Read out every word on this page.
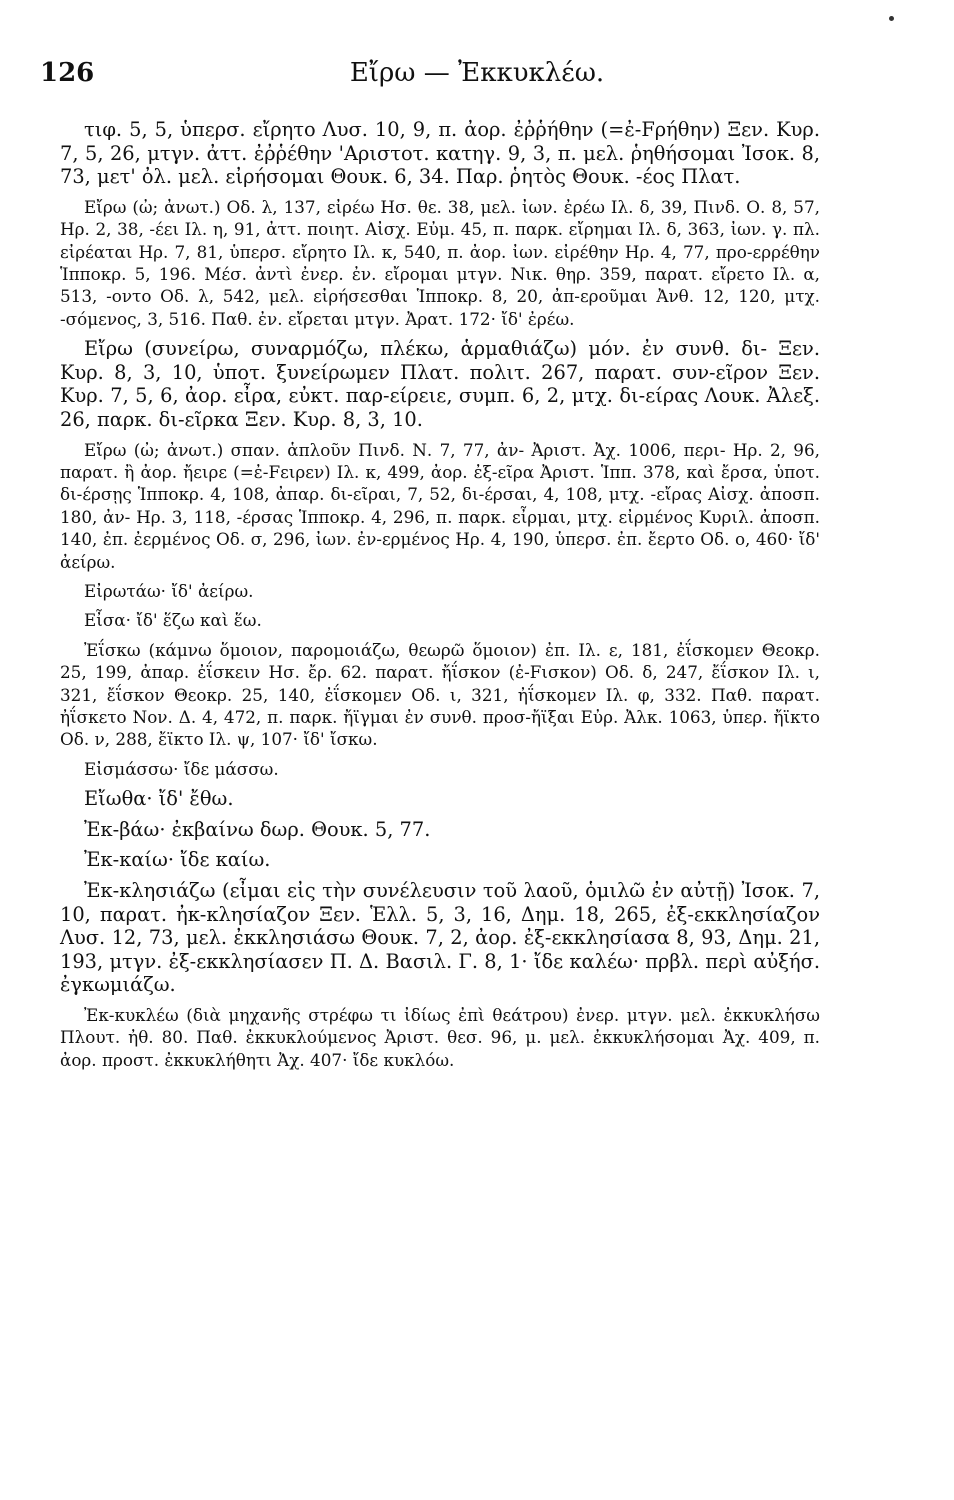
126	Εἴρω — Ἐκκυκλέω.

τιφ. 5, 5, ὑπερσ. εἴρητο Λυσ. 10, 9, π. ἀορ. ἐῤῥήθην (=ἐ-Fρήθην) Ξεν. Κυρ. 7, 5, 26, μτγν. ἀττ. ἐῤῥέθην 'Αριστοτ. κατηγ. 9, 3, π. μελ. ῥηθήσομαι Ἰσοκ. 8, 73, μετ' ὀλ. μελ. εἰρήσομαι Θουκ. 6, 34. Παρ. ῥητὸς Θουκ. -έος Πλατ.

Εἴρω (ὠ; ἀνωτ.) Οδ. λ, 137, εἰρέω Ησ. θε. 38, μελ. ἰων. ἐρέω Ιλ. δ, 39, Πινδ. Ο. 8, 57, Ηρ. 2, 38, -έει Ιλ. η, 91, ἀττ. ποιητ. Αἰσχ. Εὐμ. 45, π. παρκ. εἴρημαι Ιλ. δ, 363, ἰων. γ. πλ. εἰρέαται Ηρ. 7, 81, ὑπερσ. εἴρητο Ιλ. κ, 540, π. ἀορ. ἰων. εἰρέθην Ηρ. 4, 77, προ-ερρέθην Ἱπποκρ. 5, 196. Μέσ. ἀντὶ ἐνερ. ἐν. εἴρομαι μτγν. Νικ. θηρ. 359, παρατ. εἴρετο Ιλ. α, 513, -οντο Οδ. λ, 542, μελ. εἰρήσεσθαι Ἱπποκρ. 8, 20, ἀπ-εροῦμαι Ἀνθ. 12, 120, μτχ. -σόμενος, 3, 516. Παθ. ἐν. εἴρεται μτγν. Ἀρατ. 172· ἴδ' ἐρέω.

Εἴρω (συνείρω, συναρμόζω, πλέκω, ἁρμαθιάζω) μόν. ἐν συνθ. δι- Ξεν. Κυρ. 8, 3, 10, ὑποτ. ξυνείρωμεν Πλατ. πολιτ. 267, παρατ. συν-εῖρον Ξεν. Κυρ. 7, 5, 6, ἀορ. εἶρα, εὐκτ. παρ-είρειε, συμπ. 6, 2, μτχ. δι-είρας Λουκ. Ἀλεξ. 26, παρκ. δι-εῖρκα Ξεν. Κυρ. 8, 3, 10.

Εἴρω (ὠ; ἀνωτ.) σπαν. ἁπλοῦν Πινδ. Ν. 7, 77, ἀν- Ἀριστ. Ἀχ. 1006, περι- Ηρ. 2, 96, παρατ. ἢ ἀορ. ἤειρε (=ἐ-Fειρεν) Ιλ. κ, 499, ἀορ. ἐξ-εῖρα Ἀριστ. Ἱππ. 378, καὶ ἔρσα, ὑποτ. δι-έρσῃς Ἱπποκρ. 4, 108, ἀπαρ. δι-εῖραι, 7, 52, δι-έρσαι, 4, 108, μτχ. -εἴρας Αἰσχ. ἀποσπ. 180, ἀν- Ηρ. 3, 118, -έρσας Ἱπποκρ. 4, 296, π. παρκ. εἶρμαι, μτχ. εἰρμένος Κυριλ. ἀποσπ. 140, ἐπ. ἐερμένος Οδ. σ, 296, ἰων. ἐν-ερμένος Ηρ. 4, 190, ὑπερσ. ἐπ. ἔερτο Οδ. ο, 460· ἴδ' ἀείρω.

Εἰρωτάω· ἴδ' ἀείρω.

Εἶσα· ἴδ' ἕζω καὶ ἕω.

Ἐΐσκω (κάμνω ὅμοιον, παρομοιάζω, θεωρῶ ὅμοιον) ἐπ. Ιλ. ε, 181, ἐΐσκομεν Θεοκρ. 25, 199, ἀπαρ. ἐΐσκειν Ησ. ἔρ. 62. παρατ. ἤΐσκον (ἐ-Fισκον) Οδ. δ, 247, ἔΐσκον Ιλ. ι, 321, ἔΐσκον Θεοκρ. 25, 140, ἐΐσκομεν Οδ. ι, 321, ἠΐσκομεν Ιλ. φ, 332. Παθ. παρατ. ἠΐσκετο Νον. Δ. 4, 472, π. παρκ. ἤϊγμαι ἐν συνθ. προσ-ἤϊξαι Εὐρ. Ἀλκ. 1063, ὑπερ. ἤϊκτο Οδ. ν, 288, ἔϊκτο Ιλ. ψ, 107· ἴδ' ἴσκω.

Εἰσμάσσω· ἴδε μάσσω.

Εἴωθα· ἴδ' ἔθω.

Ἐκ-βάω· ἐκβαίνω δωρ. Θουκ. 5, 77.

Ἐκ-καίω· ἴδε καίω.

Ἐκ-κλησιάζω (εἶμαι εἰς τὴν συνέλευσιν τοῦ λαοῦ, ὁμιλῶ ἐν αὐτῇ) Ἰσοκ. 7, 10, παρατ. ἠκ-κλησίαζον Ξεν. Ἑλλ. 5, 3, 16, Δημ. 18, 265, ἐξ-εκκλησίαζον Λυσ. 12, 73, μελ. ἐκκλησιάσω Θουκ. 7, 2, ἀορ. ἐξ-εκκλησίασα 8, 93, Δημ. 21, 193, μτγν. ἐξ-εκκλησίασεν Π. Δ. Βασιλ. Γ. 8, 1· ἴδε καλέω· πρβλ. περὶ αὐξήσ. ἐγκωμιάζω.

Ἐκ-κυκλέω (διὰ μηχανῆς στρέφω τι ἰδίως ἐπὶ θεάτρου) ἐνερ. μτγν. μελ. ἐκκυκλήσω Πλουτ. ἠθ. 80. Παθ. ἐκκυκλούμενος Ἀριστ. θεσ. 96, μ. μελ. ἐκκυκλήσομαι Ἀχ. 409, π. ἀορ. προστ. ἐκκυκλήθητι Ἀχ. 407· ἴδε κυκλόω.
